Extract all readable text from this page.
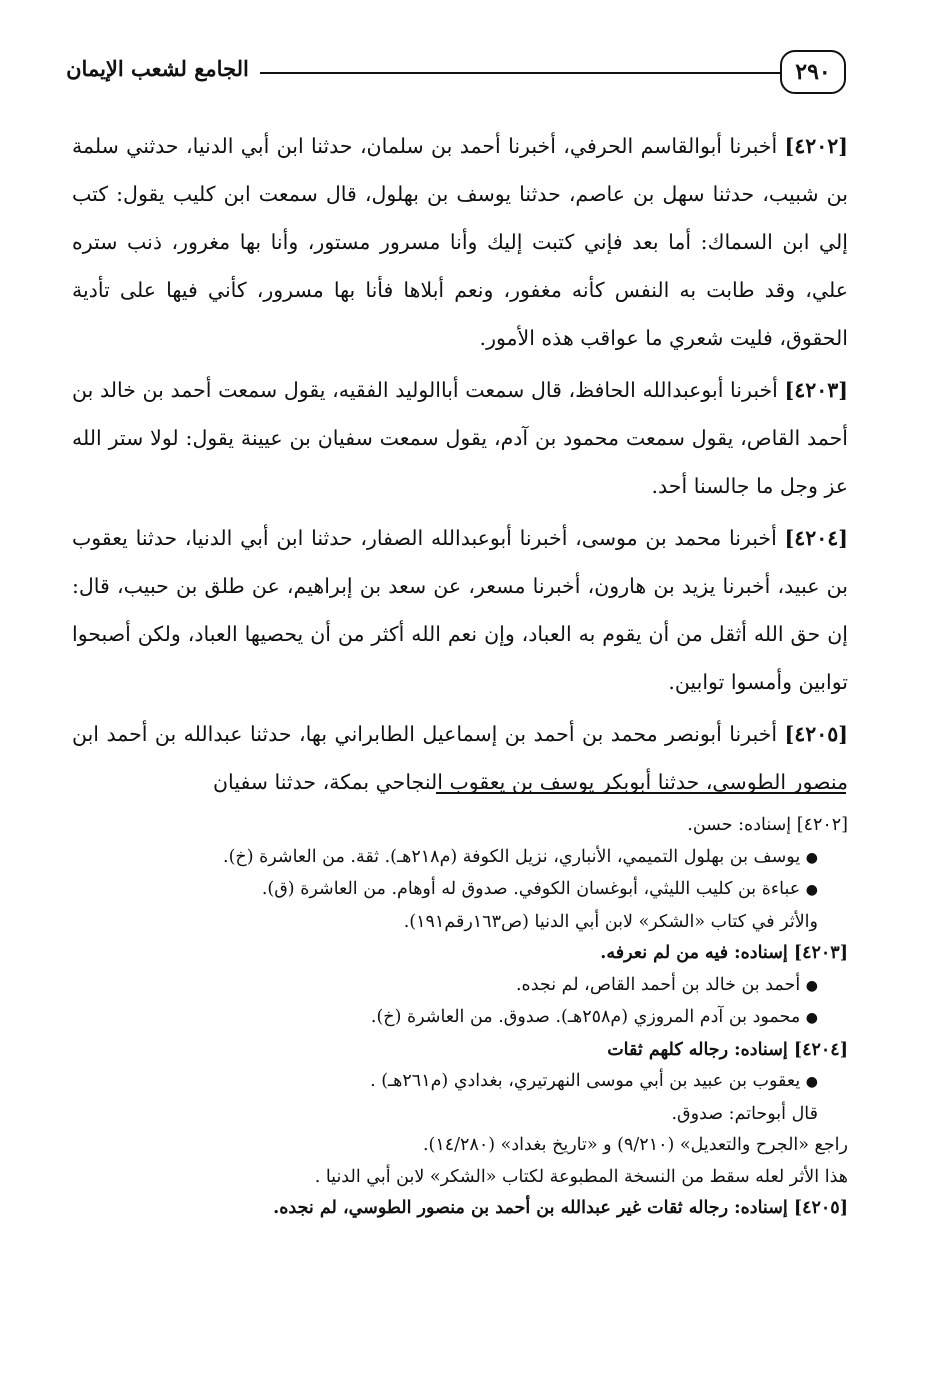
الجامع لشعب الإيمان	٢٩٠

[٤٢٠٢] أخبرنا أبوالقاسم الحرفي، أخبرنا أحمد بن سلمان، حدثنا ابن أبي الدنيا، حدثني سلمة بن شبيب، حدثنا سهل بن عاصم، حدثنا يوسف بن بهلول، قال سمعت ابن كليب يقول: كتب إلي ابن السماك: أما بعد فإني كتبت إليك وأنا مسرور مستور، وأنا بها مغرور، ذنب ستره علي، وقد طابت به النفس كأنه مغفور، ونعم أبلاها فأنا بها مسرور، كأني فيها على تأدية الحقوق، فليت شعري ما عواقب هذه الأمور.

[٤٢٠٣] أخبرنا أبوعبدالله الحافظ، قال سمعت أباالوليد الفقيه، يقول سمعت أحمد بن خالد بن أحمد القاص، يقول سمعت محمود بن آدم، يقول سمعت سفيان بن عيينة يقول: لولا ستر الله عز وجل ما جالسنا أحد.

[٤٢٠٤] أخبرنا محمد بن موسى، أخبرنا أبوعبدالله الصفار، حدثنا ابن أبي الدنيا، حدثنا يعقوب بن عبيد، أخبرنا يزيد بن هارون، أخبرنا مسعر، عن سعد بن إبراهيم، عن طلق بن حبيب، قال: إن حق الله أثقل من أن يقوم به العباد، وإن نعم الله أكثر من أن يحصيها العباد، ولكن أصبحوا توابين وأمسوا توابين.

[٤٢٠٥] أخبرنا أبونصر محمد بن أحمد بن إسماعيل الطابراني بها، حدثنا عبدالله بن أحمد ابن منصور الطوسي، حدثنا أبوبكر يوسف بن يعقوب النجاحي بمكة، حدثنا سفيان

[٤٢٠٢] إسناده: حسن.
● يوسف بن بهلول التميمي، الأنباري، نزيل الكوفة (م٢١٨هـ). ثقة. من العاشرة (خ).
● عباءة بن كليب الليثي، أبوغسان الكوفي. صدوق له أوهام. من العاشرة (ق).
والأثر في كتاب «الشكر» لابن أبي الدنيا (ص١٦٣رقم١٩١).
[٤٢٠٣] إسناده: فيه من لم نعرفه.
● أحمد بن خالد بن أحمد القاص، لم نجده.
● محمود بن آدم المروزي (م٢٥٨هـ). صدوق. من العاشرة (خ).
[٤٢٠٤] إسناده: رجاله كلهم ثقات
● يعقوب بن عبيد بن أبي موسى النهرتيري، بغدادي (م٢٦١هـ) .
قال أبوحاتم: صدوق.
راجع «الجرح والتعديل» (٩/٢١٠) و «تاريخ بغداد» (١٤/٢٨٠).
هذا الأثر لعله سقط من النسخة المطبوعة لكتاب «الشكر» لابن أبي الدنيا .
[٤٢٠٥] إسناده: رجاله ثقات غير عبدالله بن أحمد بن منصور الطوسي، لم نجده.
